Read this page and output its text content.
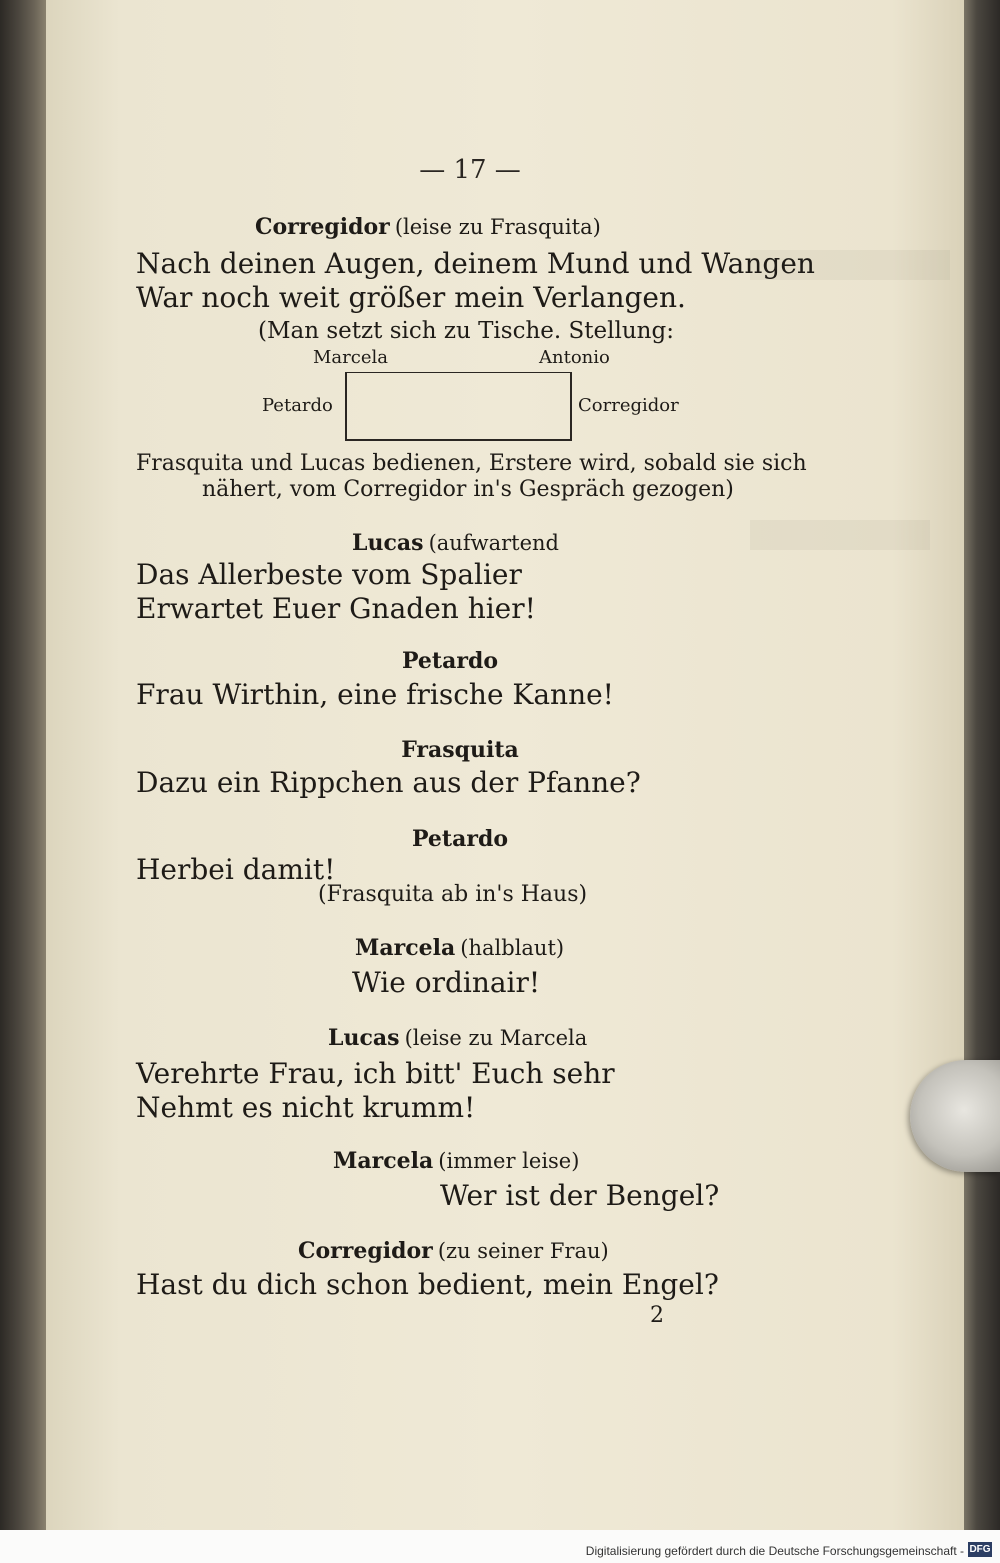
— 17 —
Corregidor (leise zu Frasquita)
Nach deinen Augen, deinem Mund und Wangen
War noch weit größer mein Verlangen.
(Man setzt sich zu Tische. Stellung:
Marcela	Antonio
Petardo	Corregidor
Frasquita und Lucas bedienen, Erstere wird, sobald sie sich
nähert, vom Corregidor in's Gespräch gezogen)
Lucas (aufwartend
Das Allerbeste vom Spalier
Erwartet Euer Gnaden hier!
Petardo
Frau Wirthin, eine frische Kanne!
Frasquita
Dazu ein Rippchen aus der Pfanne?
Petardo
Herbei damit!
(Frasquita ab in's Haus)
Marcela (halblaut)
Wie ordinair!
Lucas (leise zu Marcela
Verehrte Frau, ich bitt' Euch sehr
Nehmt es nicht krumm!
Marcela (immer leise)
Wer ist der Bengel?
Corregidor (zu seiner Frau)
Hast du dich schon bedient, mein Engel?
2
Digitalisierung gefördert durch die Deutsche Forschungsgemeinschaft - DFG
